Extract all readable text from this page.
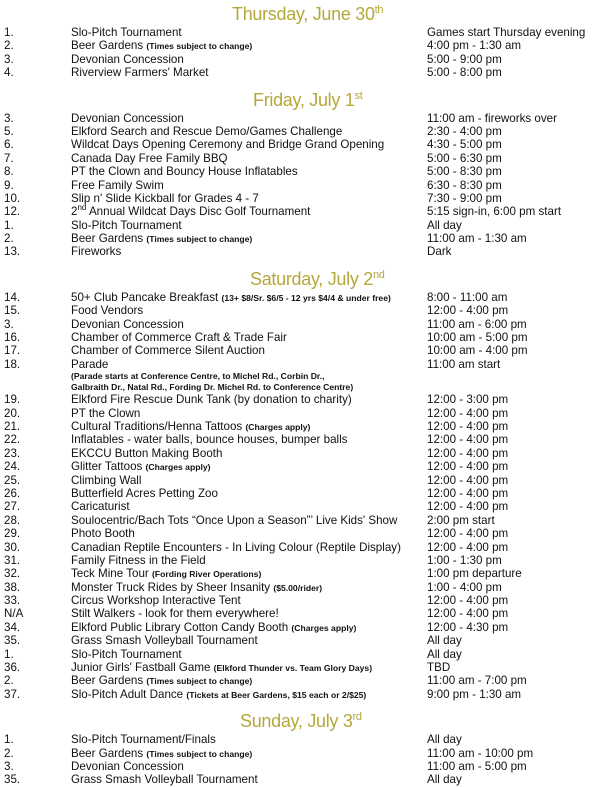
Thursday, June 30th
1.	Slo-Pitch Tournament	Games start Thursday evening
2.	Beer Gardens (Times subject to change)	4:00 pm - 1:30 am
3.	Devonian Concession	5:00 - 9:00 pm
4.	Riverview Farmers' Market	5:00 - 8:00 pm
Friday, July 1st
3.	Devonian Concession	11:00 am - fireworks over
5.	Elkford Search and Rescue Demo/Games Challenge	2:30 - 4:00 pm
6.	Wildcat Days Opening Ceremony and Bridge Grand Opening	4:30 - 5:00 pm
7.	Canada Day Free Family BBQ	5:00 - 6:30 pm
8.	PT the Clown and Bouncy House Inflatables	5:00 - 8:30 pm
9.	Free Family Swim	6:30 - 8:30 pm
10.	Slip n' Slide Kickball for Grades 4 - 7	7:30 - 9:00 pm
12.	2nd Annual Wildcat Days Disc Golf Tournament	5:15 sign-in, 6:00 pm start
1.	Slo-Pitch Tournament	All day
2.	Beer Gardens (Times subject to change)	11:00 am - 1:30 am
13.	Fireworks	Dark
Saturday, July 2nd
14.	50+ Club Pancake Breakfast (13+ $8/Sr. $6/5 - 12 yrs $4/4 & under free)	8:00 - 11:00 am
15.	Food Vendors	12:00 - 4:00 pm
3.	Devonian Concession	11:00 am - 6:00 pm
16.	Chamber of Commerce Craft & Trade Fair	10:00 am - 5:00 pm
17.	Chamber of Commerce Silent Auction	10:00 am - 4:00 pm
18.	Parade	11:00 am start
(Parade starts at Conference Centre, to Michel Rd., Corbin Dr.,
Galbraith Dr., Natal Rd., Fording Dr. Michel Rd. to Conference Centre)
19.	Elkford Fire Rescue Dunk Tank (by donation to charity)	12:00 - 3:00 pm
20.	PT the Clown	12:00 - 4:00 pm
21.	Cultural Traditions/Henna Tattoos (Charges apply)	12:00 - 4:00 pm
22.	Inflatables - water balls, bounce houses, bumper balls	12:00 - 4:00 pm
23.	EKCCU Button Making Booth	12:00 - 4:00 pm
24.	Glitter Tattoos (Charges apply)	12:00 - 4:00 pm
25.	Climbing Wall	12:00 - 4:00 pm
26.	Butterfield Acres Petting Zoo	12:00 - 4:00 pm
27.	Caricaturist	12:00 - 4:00 pm
28.	Soulocentric/Bach Tots “Once Upon a Season”’ Live Kids' Show	2:00 pm start
29.	Photo Booth	12:00 - 4:00 pm
30.	Canadian Reptile Encounters - In Living Colour (Reptile Display) 12:00 - 4:00 pm
31.	Family Fitness in the Field	1:00 - 1:30 pm
32.	Teck Mine Tour (Fording River Operations)	1:00 pm departure
38.	Monster Truck Rides by Sheer Insanity ($5.00/rider)	1:00 - 4:00 pm
33.	Circus Workshop Interactive Tent	12:00 - 4:00 pm
N/A	Stilt Walkers - look for them everywhere!	12:00 - 4:00 pm
34.	Elkford Public Library Cotton Candy Booth (Charges apply)	12:00 - 4:30 pm
35.	Grass Smash Volleyball Tournament	All day
1.	Slo-Pitch Tournament	All day
36.	Junior Girls' Fastball Game (Elkford Thunder vs. Team Glory Days)	TBD
2.	Beer Gardens (Times subject to change)	11:00 am - 7:00 pm
37.	Slo-Pitch Adult Dance (Tickets at Beer Gardens, $15 each or 2/$25)	9:00 pm - 1:30 am
Sunday, July 3rd
1.	Slo-Pitch Tournament/Finals	All day
2.	Beer Gardens (Times subject to change)	11:00 am - 10:00 pm
3.	Devonian Concession	11:00 am - 5:00 pm
35.	Grass Smash Volleyball Tournament	All day
